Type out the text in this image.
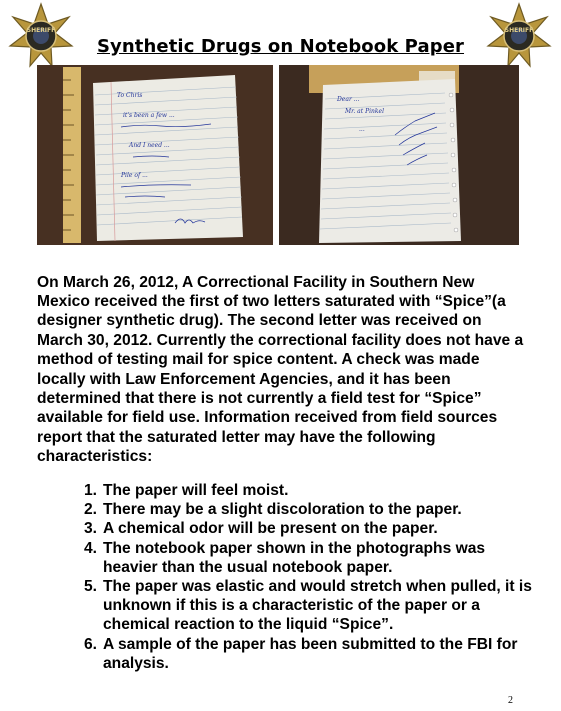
SHERIFF	SHERIFF
Synthetic Drugs on Notebook Paper
To Chris
it's been a few ...
And I need ...
Pile of ...
Dear ...
Mr. at Pinkel
...

On March 26, 2012, A Correctional Facility in Southern New Mexico received the first of two letters saturated with “Spice”(a designer synthetic drug). The second letter was received on March 30, 2012. Currently the correctional facility does not have a method of testing mail for spice content. A check was made locally with Law Enforcement Agencies, and it has been determined that there is not currently a field test for “Spice” available for field use. Information received from field sources report that the saturated letter may have the following characteristics:

1. The paper will feel moist.
2. There may be a slight discoloration to the paper.
3. A chemical odor will be present on the paper.
4. The notebook paper shown in the photographs was heavier than the usual notebook paper.
5. The paper was elastic and would stretch when pulled, it is unknown if this is a characteristic of the paper or a chemical reaction to the liquid “Spice”.
6. A sample of the paper has been submitted to the FBI for analysis.
2
